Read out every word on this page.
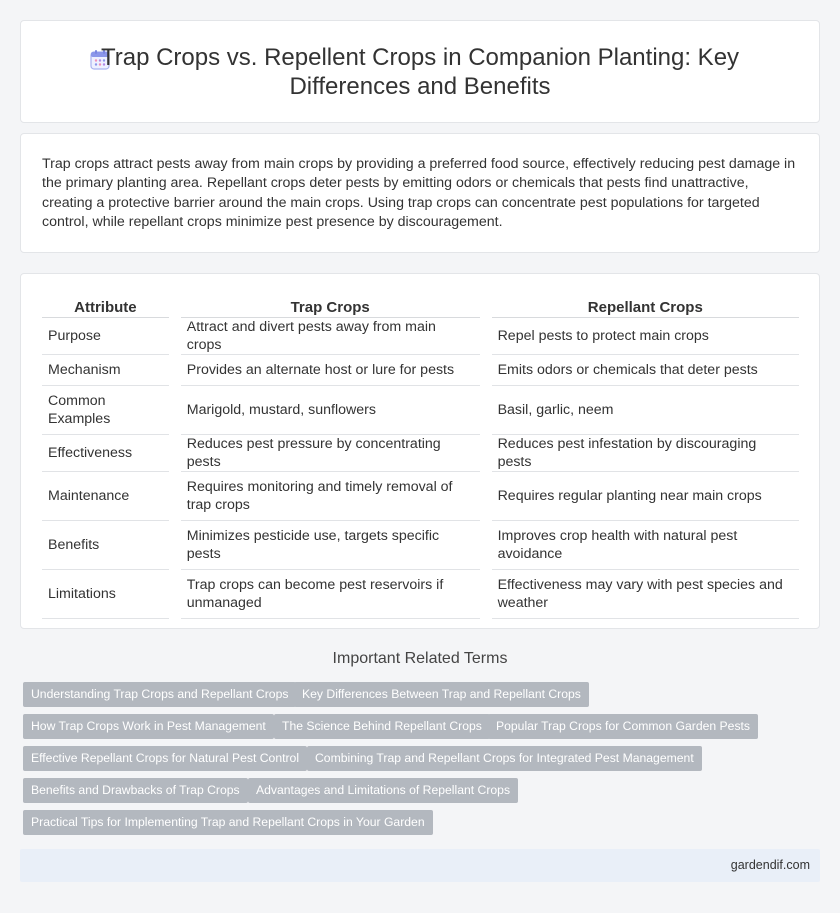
Trap Crops vs. Repellent Crops in Companion Planting: Key Differences and Benefits

Trap crops attract pests away from main crops by providing a preferred food source, effectively reducing pest damage in the primary planting area. Repellant crops deter pests by emitting odors or chemicals that pests find unattractive, creating a protective barrier around the main crops. Using trap crops can concentrate pest populations for targeted control, while repellant crops minimize pest presence by discouragement.

Attribute		Trap Crops		Repellant Crops
Purpose		Attract and divert pests away from main crops		Repel pests to protect main crops
Mechanism		Provides an alternate host or lure for pests		Emits odors or chemicals that deter pests
Common Examples		Marigold, mustard, sunflowers		Basil, garlic, neem
Effectiveness		Reduces pest pressure by concentrating pests		Reduces pest infestation by discouraging pests
Maintenance		Requires monitoring and timely removal of trap crops		Requires regular planting near main crops
Benefits		Minimizes pesticide use, targets specific pests		Improves crop health with natural pest avoidance
Limitations		Trap crops can become pest reservoirs if unmanaged		Effectiveness may vary with pest species and weather
Important Related Terms
Understanding Trap Crops and Repellant Crops	Key Differences Between Trap and Repellant Crops
How Trap Crops Work in Pest Management	The Science Behind Repellant Crops	Popular Trap Crops for Common Garden Pests
Effective Repellant Crops for Natural Pest Control	Combining Trap and Repellant Crops for Integrated Pest Management
Benefits and Drawbacks of Trap Crops	Advantages and Limitations of Repellant Crops
Practical Tips for Implementing Trap and Repellant Crops in Your Garden
gardendif.com
